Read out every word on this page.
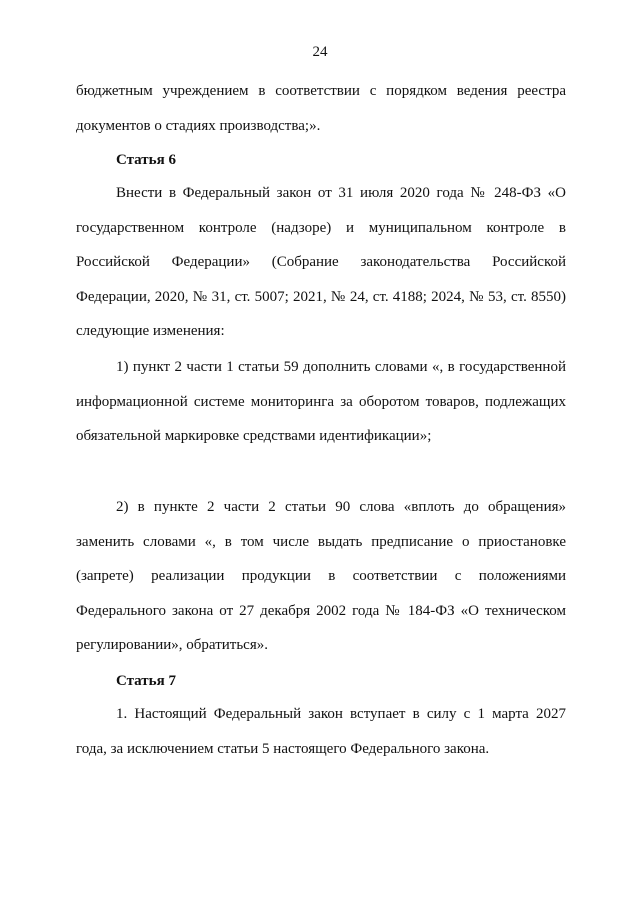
24

бюджетным учреждением в соответствии с порядком ведения реестра документов о стадиях производства;».

Статья 6

Внести в Федеральный закон от 31 июля 2020 года № 248-ФЗ «О государственном контроле (надзоре) и муниципальном контроле в Российской Федерации» (Собрание законодательства Российской Федерации, 2020, № 31, ст. 5007; 2021, № 24, ст. 4188; 2024, № 53, ст. 8550) следующие изменения:

1) пункт 2 части 1 статьи 59 дополнить словами «, в государственной информационной системе мониторинга за оборотом товаров, подлежащих обязательной маркировке средствами идентификации»;

2) в пункте 2 части 2 статьи 90 слова «вплоть до обращения» заменить словами «, в том числе выдать предписание о приостановке (запрете) реализации продукции в соответствии с положениями Федерального закона от 27 декабря 2002 года № 184-ФЗ «О техническом регулировании», обратиться».

Статья 7

1. Настоящий Федеральный закон вступает в силу с 1 марта 2027 года, за исключением статьи 5 настоящего Федерального закона.
